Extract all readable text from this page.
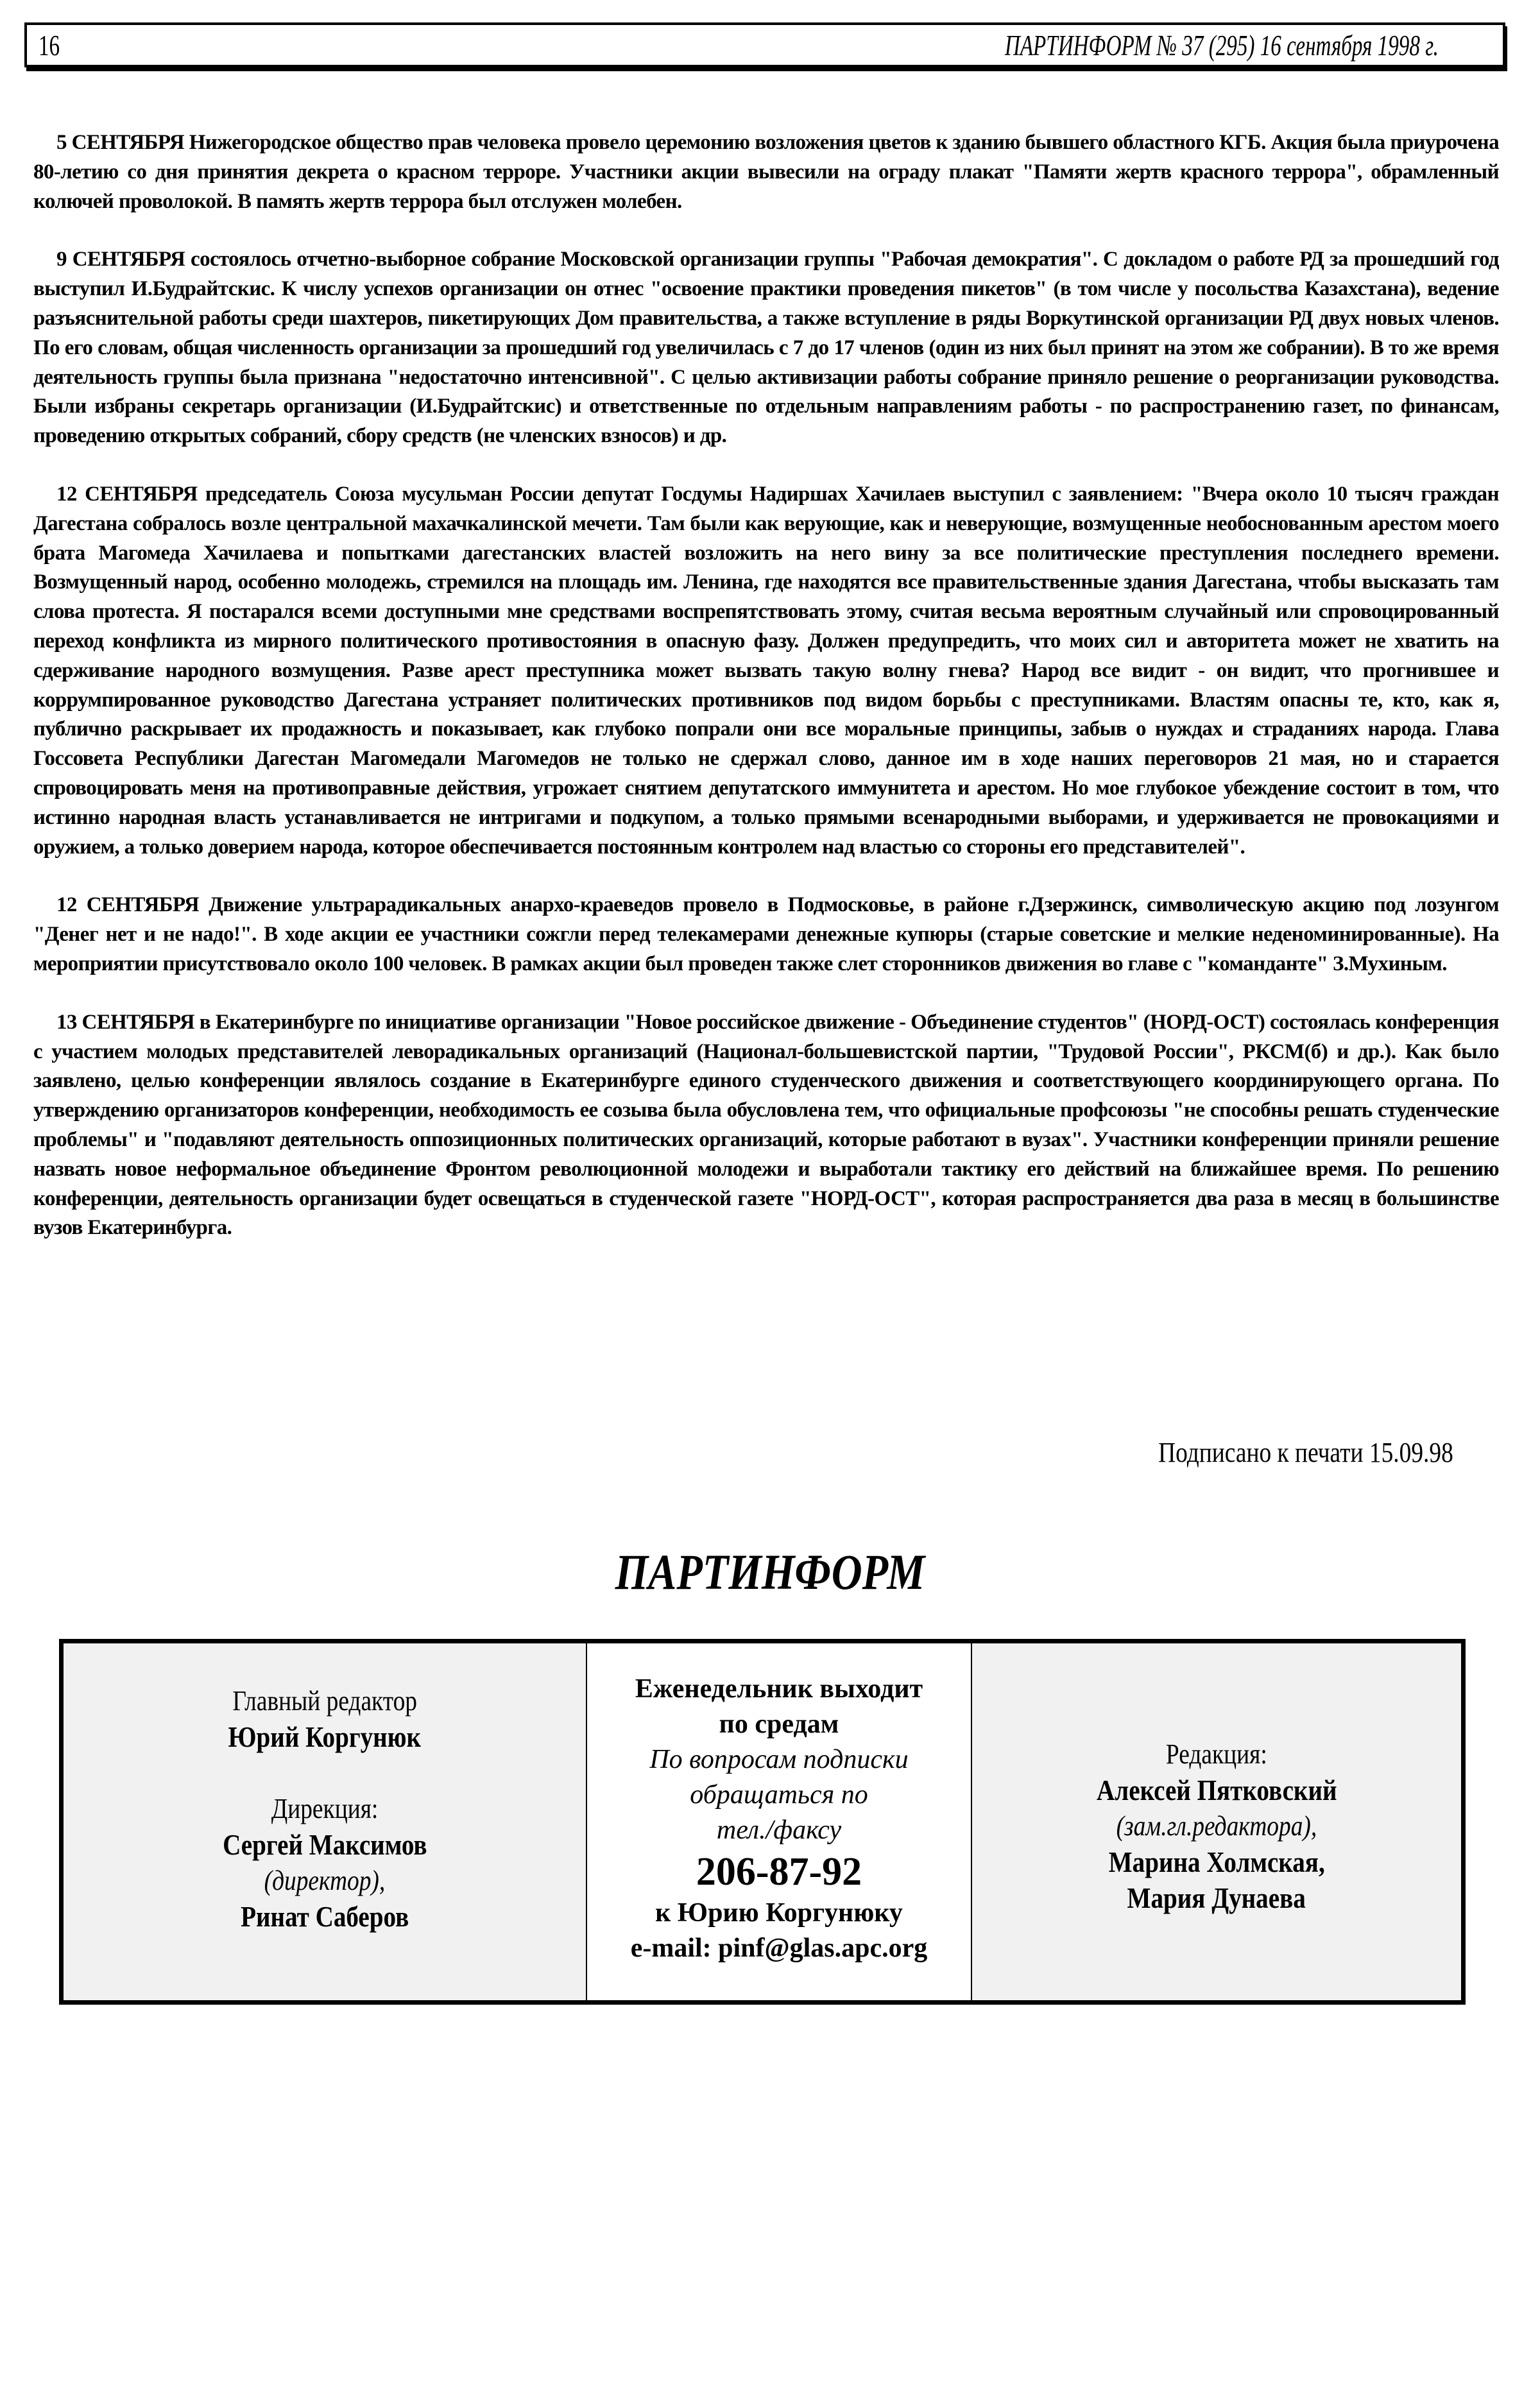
16	ПАРТИНФОРМ № 37 (295) 16 сентября 1998 г.

5 СЕНТЯБРЯ Нижегородское общество прав человека провело церемонию возложения цветов к зданию бывшего областного КГБ. Акция была приурочена 80-летию со дня принятия декрета о красном терроре. Участники акции вывесили на ограду плакат "Памяти жертв красного террора", обрамленный колючей проволокой. В память жертв террора был отслужен молебен.

9 СЕНТЯБРЯ состоялось отчетно-выборное собрание Московской организации группы "Рабочая демократия". С докладом о работе РД за прошедший год выступил И.Будрайтскис. К числу успехов организации он отнес "освоение практики проведения пикетов" (в том числе у посольства Казахстана), ведение разъяснительной работы среди шахтеров, пикетирующих Дом правительства, а также вступление в ряды Воркутинской организации РД двух новых членов. По его словам, общая численность организации за прошедший год увеличилась с 7 до 17 членов (один из них был принят на этом же собрании). В то же время деятельность группы была признана "недостаточно интенсивной". С целью активизации работы собрание приняло решение о реорганизации руководства. Были избраны секретарь организации (И.Будрайтскис) и ответственные по отдельным направлениям работы - по распространению газет, по финансам, проведению открытых собраний, сбору средств (не членских взносов) и др.

12 СЕНТЯБРЯ председатель Союза мусульман России депутат Госдумы Надиршах Хачилаев выступил с заявлением: "Вчера около 10 тысяч граждан Дагестана собралось возле центральной махачкалинской мечети. Там были как верующие, как и неверующие, возмущенные необоснованным арестом моего брата Магомеда Хачилаева и попытками дагестанских властей возложить на него вину за все политические преступления последнего времени. Возмущенный народ, особенно молодежь, стремился на площадь им. Ленина, где находятся все правительственные здания Дагестана, чтобы высказать там слова протеста. Я постарался всеми доступными мне средствами воспрепятствовать этому, считая весьма вероятным случайный или спровоцированный переход конфликта из мирного политического противостояния в опасную фазу. Должен предупредить, что моих сил и авторитета может не хватить на сдерживание народного возмущения. Разве арест преступника может вызвать такую волну гнева? Народ все видит - он видит, что прогнившее и коррумпированное руководство Дагестана устраняет политических противников под видом борьбы с преступниками. Властям опасны те, кто, как я, публично раскрывает их продажность и показывает, как глубоко попрали они все моральные принципы, забыв о нуждах и страданиях народа. Глава Госсовета Республики Дагестан Магомедали Магомедов не только не сдержал слово, данное им в ходе наших переговоров 21 мая, но и старается спровоцировать меня на противоправные действия, угрожает снятием депутатского иммунитета и арестом. Но мое глубокое убеждение состоит в том, что истинно народная власть устанавливается не интригами и подкупом, а только прямыми всенародными выборами, и удерживается не провокациями и оружием, а только доверием народа, которое обеспечивается постоянным контролем над властью со стороны его представителей".

12 СЕНТЯБРЯ Движение ультрарадикальных анархо-краеведов провело в Подмосковье, в районе г.Дзержинск, символическую акцию под лозунгом "Денег нет и не надо!". В ходе акции ее участники сожгли перед телекамерами денежные купюры (старые советские и мелкие неденоминированные). На мероприятии присутствовало около 100 человек. В рамках акции был проведен также слет сторонников движения во главе с "команданте" З.Мухиным.

13 СЕНТЯБРЯ в Екатеринбурге по инициативе организации "Новое российское движение - Объединение студентов" (НОРД-ОСТ) состоялась конференция с участием молодых представителей леворадикальных организаций (Национал-большевистской партии, "Трудовой России", РКСМ(б) и др.). Как было заявлено, целью конференции являлось создание в Екатеринбурге единого студенческого движения и соответствующего координирующего органа. По утверждению организаторов конференции, необходимость ее созыва была обусловлена тем, что официальные профсоюзы "не способны решать студенческие проблемы" и "подавляют деятельность оппозиционных политических организаций, которые работают в вузах". Участники конференции приняли решение назвать новое неформальное объединение Фронтом революционной молодежи и выработали тактику его действий на ближайшее время. По решению конференции, деятельность организации будет освещаться в студенческой газете "НОРД-ОСТ", которая распространяется два раза в месяц в большинстве вузов Екатеринбурга.

Подписано к печати 15.09.98
ПАРТИНФОРМ
Главный редактор
Юрий Коргунюк
Дирекция:
Сергей Максимов
(директор),
Ринат Саберов
Еженедельник выходит
по средам
По вопросам подписки
обращаться по
тел./факсу
206-87-92
к Юрию Коргунюку
e-mail: pinf@glas.apc.org
Редакция:
Алексей Пятковский
(зам.гл.редактора),
Марина Холмская,
Мария Дунаева
